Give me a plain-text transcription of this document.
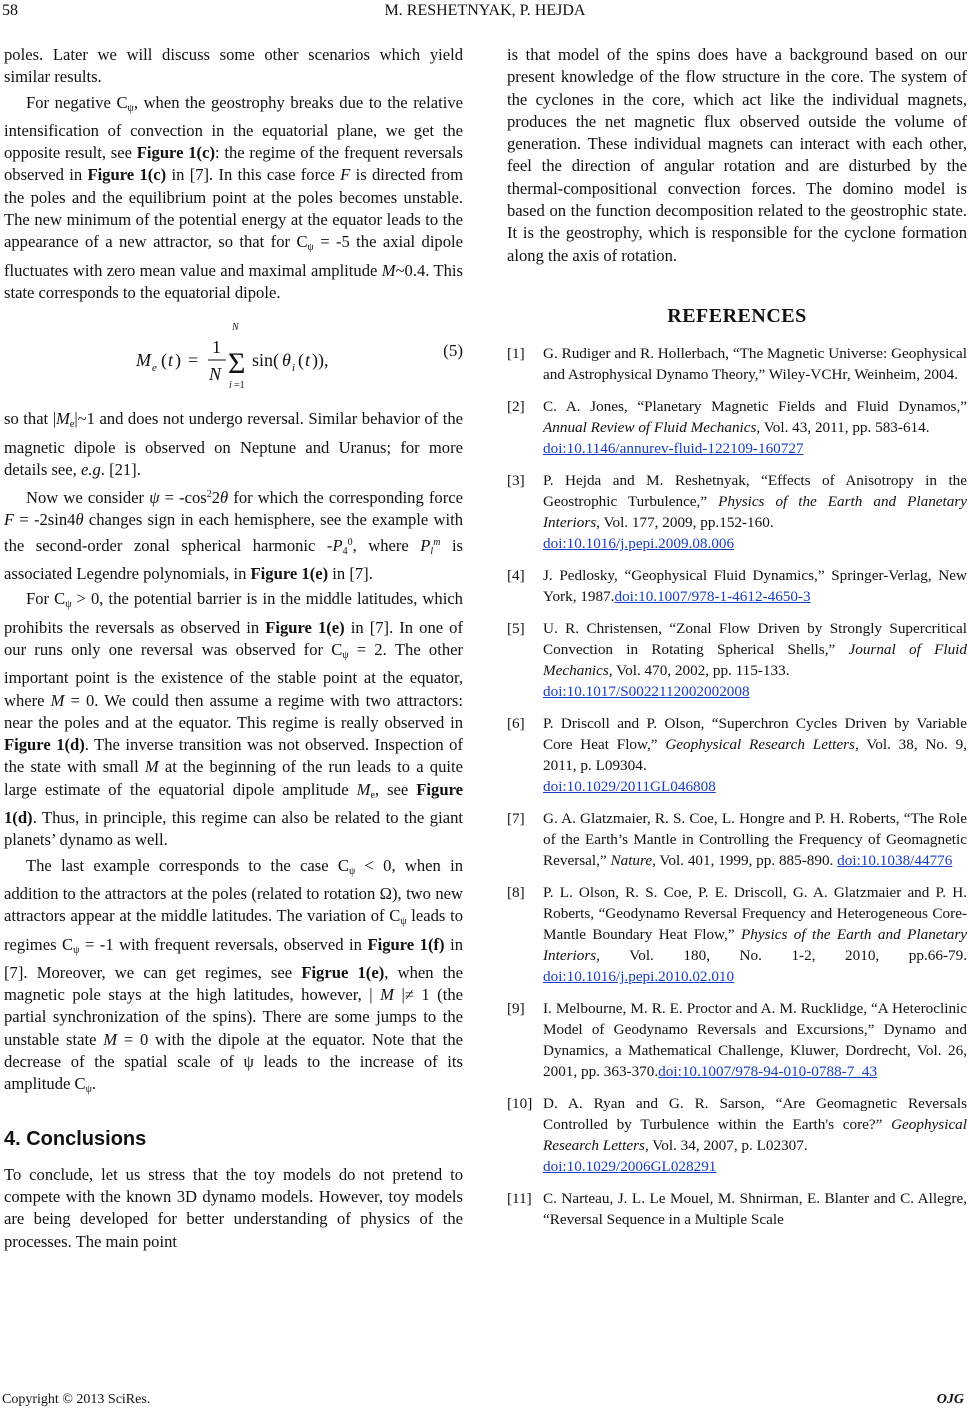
58	M. RESHETNYAK, P. HEJDA

poles. Later we will discuss some other scenarios which yield similar results.

For negative $C_\psi$, when the geostrophy breaks due to the relative intensification of convection in the equatorial plane, we get the opposite result, see Figure 1(c): the regime of the frequent reversals observed in Figure 1(c) in [7]. In this case force F is directed from the poles and the equilibrium point at the poles becomes unstable. The new minimum of the potential energy at the equator leads to the appearance of a new attractor, so that for $C_\psi = -5$ the axial dipole fluctuates with zero mean value and maximal amplitude M~0.4. This state corresponds to the equatorial dipole.

M e ( t ) =
1
N
N
Σ
i =1
sin( θ i ( t )),	(5)

so that $|M_e|\sim 1$ and does not undergo reversal. Similar behavior of the magnetic dipole is observed on Neptune and Uranus; for more details see, e.g. [21].

Now we consider $\psi = -\cos^22\theta$ for which the corresponding force F = -2sin4θ changes sign in each hemisphere, see the example with the second-order zonal spherical harmonic $-P_4^0$, where $P_l^m$ is associated Legendre polynomials, in Figure 1(e) in [7].

For $C_\psi > 0$, the potential barrier is in the middle latitudes, which prohibits the reversals as observed in Figure 1(e) in [7]. In one of our runs only one reversal was observed for $C_\psi = 2$. The other important point is the existence of the stable point at the equator, where M = 0. We could then assume a regime with two attractors: near the poles and at the equator. This regime is really observed in Figure 1(d). The inverse transition was not observed. Inspection of the state with small M at the beginning of the run leads to a quite large estimate of the equatorial dipole amplitude $M_e$, see Figure 1(d). Thus, in principle, this regime can also be related to the giant planets’ dynamo as well.

The last example corresponds to the case $C_\psi < 0$, when in addition to the attractors at the poles (related to rotation Ω), two new attractors appear at the middle latitudes. The variation of $C_\psi$ leads to regimes $C_\psi = -1$ with frequent reversals, observed in Figure 1(f) in [7]. Moreover, we can get regimes, see Figrue 1(e), when the magnetic pole stays at the high latitudes, however, | M |≠ 1 (the partial synchronization of the spins). There are some jumps to the unstable state M = 0 with the dipole at the equator. Note that the decrease of the spatial scale of ψ leads to the increase of its amplitude $C_\psi$.

4. Conclusions

To conclude, let us stress that the toy models do not pretend to compete with the known 3D dynamo models. However, toy models are being developed for better understanding of physics of the processes. The main point

is that model of the spins does have a background based on our present knowledge of the flow structure in the core. The system of the cyclones in the core, which act like the individual magnets, produces the net magnetic flux observed outside the volume of generation. These individual magnets can interact with each other, feel the direction of angular rotation and are disturbed by the thermal-compositional convection forces. The domino model is based on the function decomposition related to the geostrophic state. It is the geostrophy, which is responsible for the cyclone formation along the axis of rotation.

REFERENCES
[1] G. Rudiger and R. Hollerbach, “The Magnetic Universe: Geophysical and Astrophysical Dynamo Theory,” Wiley-VCHr, Weinheim, 2004.
[2] C. A. Jones, “Planetary Magnetic Fields and Fluid Dynamos,” Annual Review of Fluid Mechanics, Vol. 43, 2011, pp. 583-614.
doi:10.1146/annurev-fluid-122109-160727
[3] P. Hejda and M. Reshetnyak, “Effects of Anisotropy in the Geostrophic Turbulence,” Physics of the Earth and Planetary Interiors, Vol. 177, 2009, pp.152-160.
doi:10.1016/j.pepi.2009.08.006
[4] J. Pedlosky, “Geophysical Fluid Dynamics,” Springer-Verlag, New York, 1987.doi:10.1007/978-1-4612-4650-3
[5] U. R. Christensen, “Zonal Flow Driven by Strongly Supercritical Convection in Rotating Spherical Shells,” Journal of Fluid Mechanics, Vol. 470, 2002, pp. 115-133.
doi:10.1017/S0022112002002008
[6] P. Driscoll and P. Olson, “Superchron Cycles Driven by Variable Core Heat Flow,” Geophysical Research Letters, Vol. 38, No. 9, 2011, p. L09304.
doi:10.1029/2011GL046808
[7] G. A. Glatzmaier, R. S. Coe, L. Hongre and P. H. Roberts, “The Role of the Earth’s Mantle in Controlling the Frequency of Geomagnetic Reversal,” Nature, Vol. 401, 1999, pp. 885-890. doi:10.1038/44776
[8] P. L. Olson, R. S. Coe, P. E. Driscoll, G. A. Glatzmaier and P. H. Roberts, “Geodynamo Reversal Frequency and Heterogeneous Core-Mantle Boundary Heat Flow,” Physics of the Earth and Planetary Interiors, Vol. 180, No. 1-2, 2010, pp.66-79. doi:10.1016/j.pepi.2010.02.010
[9] I. Melbourne, M. R. E. Proctor and A. M. Rucklidge, “A Heteroclinic Model of Geodynamo Reversals and Excursions,” Dynamo and Dynamics, a Mathematical Challenge, Kluwer, Dordrecht, Vol. 26, 2001, pp. 363-370.doi:10.1007/978-94-010-0788-7_43
[10] D. A. Ryan and G. R. Sarson, “Are Geomagnetic Reversals Controlled by Turbulence within the Earth's core?” Geophysical Research Letters, Vol. 34, 2007, p. L02307.
doi:10.1029/2006GL028291
[11] C. Narteau, J. L. Le Mouel, M. Shnirman, E. Blanter and C. Allegre, “Reversal Sequence in a Multiple Scale
Copyright © 2013 SciRes.	OJG
